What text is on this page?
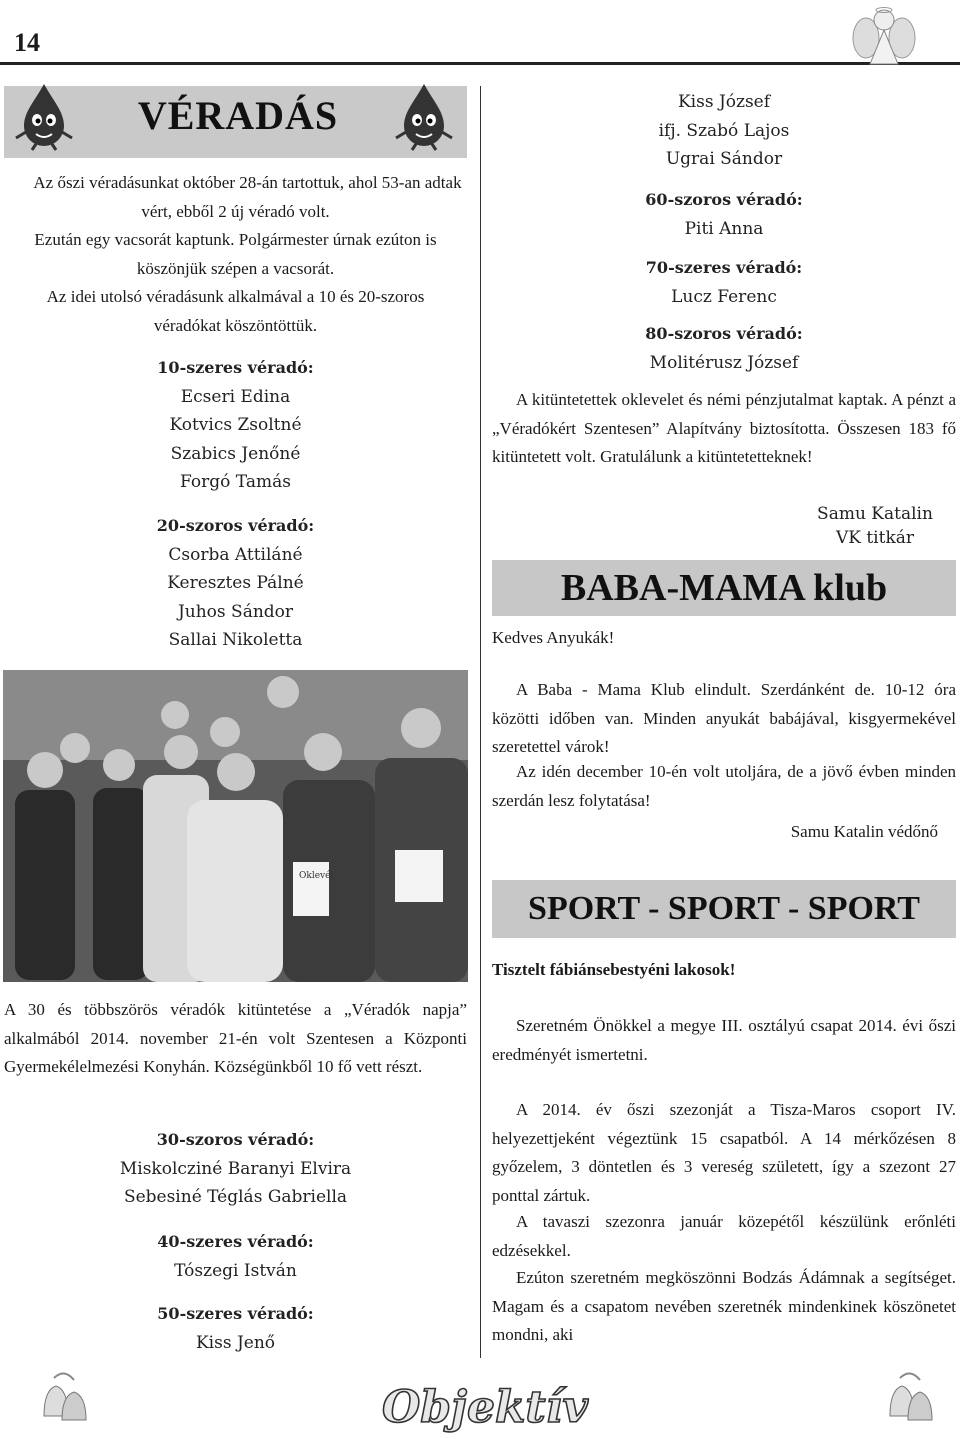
14
VÉRADÁS
Az őszi véradásunkat október 28-án tartottuk, ahol 53-an adtak vért, ebből 2 új véradó volt.
Ezután egy vacsorát kaptunk. Polgármester úrnak ezúton is köszönjük szépen a vacsorát.
Az idei utolsó véradásunk alkalmával a 10 és 20-szoros véradókat köszöntöttük.
10-szeres véradó:
Ecseri Edina
Kotvics Zsoltné
Szabics Jenőné
Forgó Tamás
20-szoros véradó:
Csorba Attiláné
Keresztes Pálné
Juhos Sándor
Sallai Nikoletta
Oklevél
A 30 és többszörös véradók kitüntetése a „Véradók napja” alkalmából 2014. november 21-én volt Szentesen a Központi Gyermekélelmezési Konyhán. Községünkből 10 fő vett részt.
30-szoros véradó:
Miskolcziné Baranyi Elvira
Sebesiné Téglás Gabriella
40-szeres véradó:
Tószegi István
50-szeres véradó:
Kiss Jenő
Kiss József
ifj. Szabó Lajos
Ugrai Sándor
60-szoros véradó:
Piti Anna
70-szeres véradó:
Lucz Ferenc
80-szoros véradó:
Molitérusz József
A kitüntetettek oklevelet és némi pénzjutalmat kaptak. A pénzt a „Véradókért Szentesen” Alapítvány biztosította. Összesen 183 fő kitüntetett volt. Gratulálunk a kitüntetetteknek!
Samu Katalin
VK titkár
BABA-MAMA klub
Kedves Anyukák!
A Baba - Mama Klub elindult. Szerdánként de. 10-12 óra közötti időben van. Minden anyukát babájával, kisgyermekével szeretettel várok!
Az idén december 10-én volt utoljára, de a jövő évben minden szerdán lesz folytatása!
Samu Katalin védőnő
SPORT - SPORT - SPORT
Tisztelt fábiánsebestyéni lakosok!
Szeretném Önökkel a megye III. osztályú csapat 2014. évi őszi eredményét ismertetni.
A 2014. év őszi szezonját a Tisza-Maros csoport IV. helyezettjeként végeztünk 15 csapatból. A 14 mérkőzésen 8 győzelem, 3 döntetlen és 3 vereség született, így a szezont 27 ponttal zártuk.
A tavaszi szezonra január közepétől készülünk erőnléti edzésekkel.
Ezúton szeretném megköszönni Bodzás Ádámnak a segítséget. Magam és a csapatom nevében szeretnék mindenkinek köszönetet mondni, aki
Objektív
